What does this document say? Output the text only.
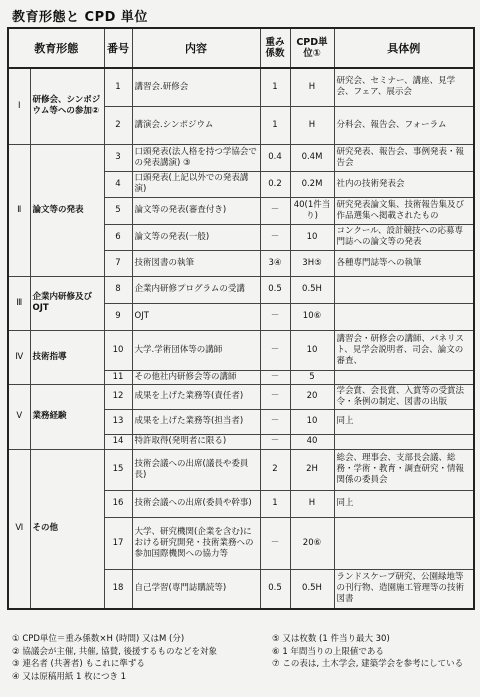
教育形態と CPD 単位
教育形態		番号	内容	重み係数	CPD単位①	具体例
Ⅰ	研修会、シンポジウム等への参加②	1	講習会.研修会	1	H	研究会、セミナー、講座、見学会、フェア、展示会
		2	講演会.シンポジウム	1	H	分科会、報告会、フォーラム
Ⅱ	論文等の発表	3	口頭発表(法人格を持つ学協会での発表講演) ③	0.4	0.4M	研究発表、報告会、事例発表・報告会
		4	口頭発表(上記以外での発表講演)	0.2	0.2M	社内の技術発表会
		5	論文等の発表(審査付き)	－	40(1件当り)	研究発表論文集、技術報告集及び作品選集へ掲載されたもの
		6	論文等の発表(一般)	－	10	コンクール、設計競技への応募専門誌への論文等の発表
		7	技術図書の執筆	3④	3H⑤	各種専門誌等への執筆
Ⅲ	企業内研修及びOJT	8	企業内研修プログラムの受講	0.5	0.5H	
		9	OJT	－	10⑥	
Ⅳ	技術指導	10	大学.学術団体等の講師	－	10	講習会・研修会の講師、パネリスト、見学会説明者、司会、論文の審査、
		11	その他社内研修会等の講師	－	5	
Ⅴ	業務経験	12	成果を上げた業務等(責任者)	－	20	学会賞、会長賞、入賞等の受賞法令・条例の制定、図書の出版
		13	成果を上げた業務等(担当者)	－	10	同上
		14	特許取得(発明者に限る)	－	40	
Ⅵ	その他	15	技術会議への出席(議長や委員長)	2	2H	総会、理事会、支部長会議、総務・学術・教育・調査研究・情報関係の委員会
		16	技術会議への出席(委員や幹事)	1	H	同上
		17	大学、研究機関(企業を含む)における研究開発・技術業務への参加国際機関への協力等	－	20⑥	
		18	自己学習(専門誌購読等)	0.5	0.5H	ランドスケープ研究、公園緑地等の刊行物、造園施工管理等の技術図書
① CPD単位＝重み係数×H (時間) 又はM (分)
② 協議会が主催, 共催, 協賛, 後援するものなどを対象
③ 連名者 (共著者) もこれに準ずる
④ 又は原稿用紙 1 枚につき 1
⑤ 又は枚数 (1 件当り最大 30)
⑥ 1 年間当りの上限値である
⑦ この表は, 土木学会, 建築学会を参考にしている
